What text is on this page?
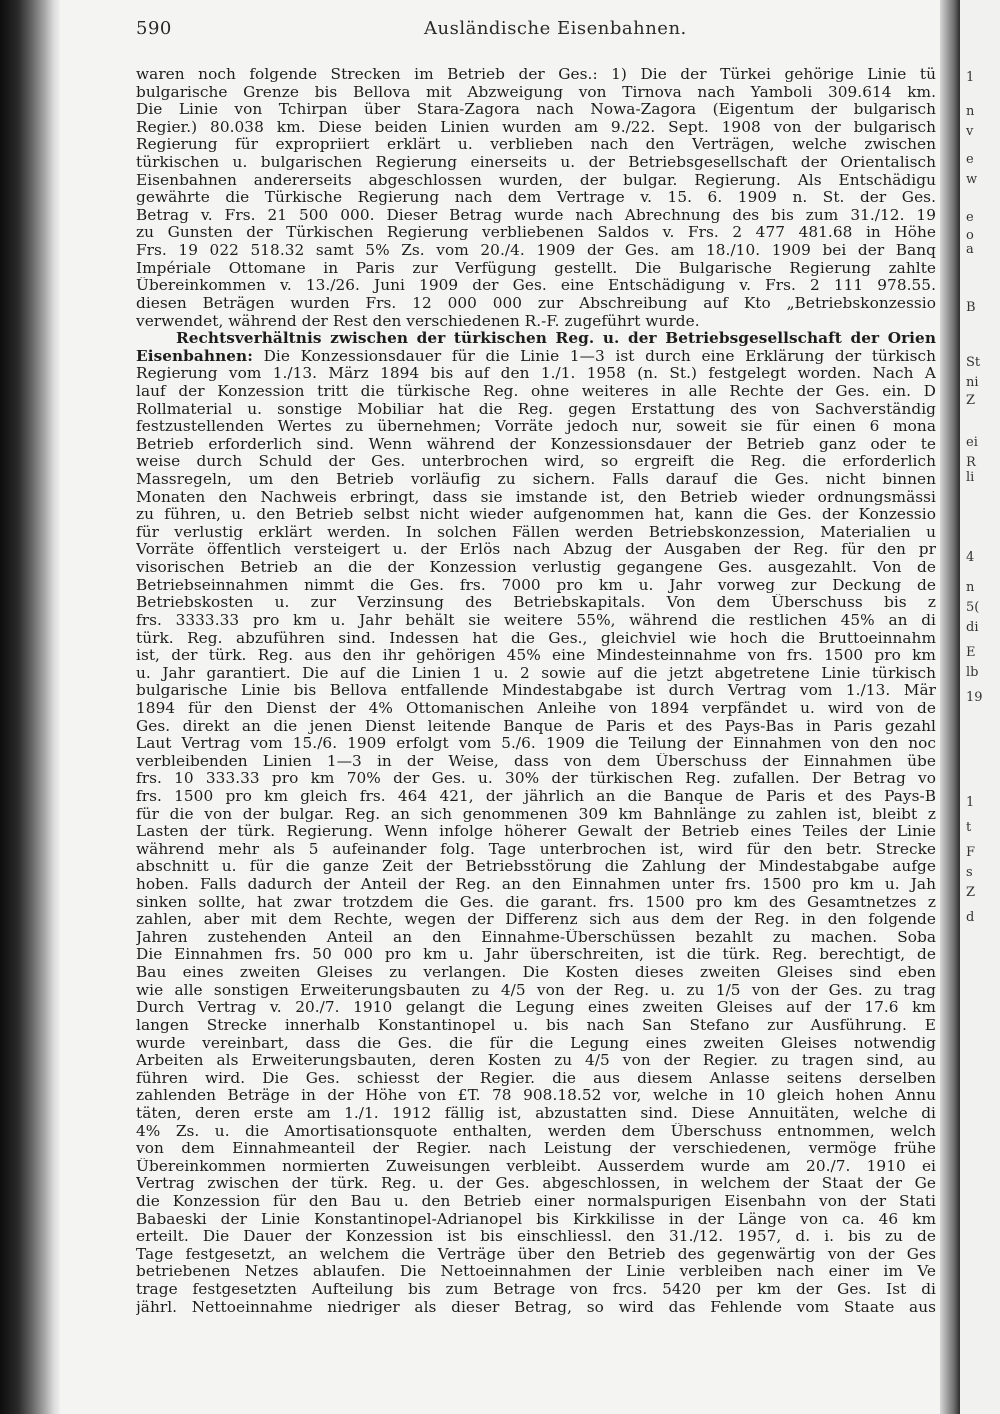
1
n
v
e
w
e
o
a
B
St
ni
Z
ei
R
li
4
n
5(
di
E
lb
19
1
t
F
s
Z
d
590	Ausländische Eisenbahnen.
waren noch folgende Strecken im Betrieb der Ges.: 1) Die der Türkei gehörige Linie tü
bulgarische Grenze bis Bellova mit Abzweigung von Tirnova nach Yamboli 309.614 km.
Die Linie von Tchirpan über Stara-Zagora nach Nowa-Zagora (Eigentum der bulgarisch
Regier.) 80.038 km. Diese beiden Linien wurden am 9./22. Sept. 1908 von der bulgarisch
Regierung für expropriiert erklärt u. verblieben nach den Verträgen, welche zwischen
türkischen u. bulgarischen Regierung einerseits u. der Betriebsgesellschaft der Orientalisch
Eisenbahnen andererseits abgeschlossen wurden, der bulgar. Regierung. Als Entschädigu
gewährte die Türkische Regierung nach dem Vertrage v. 15. 6. 1909 n. St. der Ges.
Betrag v. Frs. 21 500 000. Dieser Betrag wurde nach Abrechnung des bis zum 31./12. 19
zu Gunsten der Türkischen Regierung verbliebenen Saldos v. Frs. 2 477 481.68 in Höhe
Frs. 19 022 518.32 samt 5% Zs. vom 20./4. 1909 der Ges. am 18./10. 1909 bei der Banq
Impériale Ottomane in Paris zur Verfügung gestellt. Die Bulgarische Regierung zahlte
Übereinkommen v. 13./26. Juni 1909 der Ges. eine Entschädigung v. Frs. 2 111 978.55.
diesen Beträgen wurden Frs. 12 000 000 zur Abschreibung auf Kto „Betriebskonzessio
verwendet, während der Rest den verschiedenen R.-F. zugeführt wurde.
Rechtsverhältnis zwischen der türkischen Reg. u. der Betriebsgesellschaft der Orien
Eisenbahnen: Die Konzessionsdauer für die Linie 1—3 ist durch eine Erklärung der türkisch
Regierung vom 1./13. März 1894 bis auf den 1./1. 1958 (n. St.) festgelegt worden. Nach A
lauf der Konzession tritt die türkische Reg. ohne weiteres in alle Rechte der Ges. ein. D
Rollmaterial u. sonstige Mobiliar hat die Reg. gegen Erstattung des von Sachverständig
festzustellenden Wertes zu übernehmen; Vorräte jedoch nur, soweit sie für einen 6 mona
Betrieb erforderlich sind. Wenn während der Konzessionsdauer der Betrieb ganz oder te
weise durch Schuld der Ges. unterbrochen wird, so ergreift die Reg. die erforderlich
Massregeln, um den Betrieb vorläufig zu sichern. Falls darauf die Ges. nicht binnen
Monaten den Nachweis erbringt, dass sie imstande ist, den Betrieb wieder ordnungsmässi
zu führen, u. den Betrieb selbst nicht wieder aufgenommen hat, kann die Ges. der Konzessio
für verlustig erklärt werden. In solchen Fällen werden Betriebskonzession, Materialien u
Vorräte öffentlich versteigert u. der Erlös nach Abzug der Ausgaben der Reg. für den pr
visorischen Betrieb an die der Konzession verlustig gegangene Ges. ausgezahlt. Von de
Betriebseinnahmen nimmt die Ges. frs. 7000 pro km u. Jahr vorweg zur Deckung de
Betriebskosten u. zur Verzinsung des Betriebskapitals. Von dem Überschuss bis z
frs. 3333.33 pro km u. Jahr behält sie weitere 55%, während die restlichen 45% an di
türk. Reg. abzuführen sind. Indessen hat die Ges., gleichviel wie hoch die Bruttoeinnahm
ist, der türk. Reg. aus den ihr gehörigen 45% eine Mindesteinnahme von frs. 1500 pro km
u. Jahr garantiert. Die auf die Linien 1 u. 2 sowie auf die jetzt abgetretene Linie türkisch
bulgarische Linie bis Bellova entfallende Mindestabgabe ist durch Vertrag vom 1./13. Mär
1894 für den Dienst der 4% Ottomanischen Anleihe von 1894 verpfändet u. wird von de
Ges. direkt an die jenen Dienst leitende Banque de Paris et des Pays-Bas in Paris gezahl
Laut Vertrag vom 15./6. 1909 erfolgt vom 5./6. 1909 die Teilung der Einnahmen von den noc
verbleibenden Linien 1—3 in der Weise, dass von dem Überschuss der Einnahmen übe
frs. 10 333.33 pro km 70% der Ges. u. 30% der türkischen Reg. zufallen. Der Betrag vo
frs. 1500 pro km gleich frs. 464 421, der jährlich an die Banque de Paris et des Pays-B
für die von der bulgar. Reg. an sich genommenen 309 km Bahnlänge zu zahlen ist, bleibt z
Lasten der türk. Regierung. Wenn infolge höherer Gewalt der Betrieb eines Teiles der Linie
während mehr als 5 aufeinander folg. Tage unterbrochen ist, wird für den betr. Strecke
abschnitt u. für die ganze Zeit der Betriebsstörung die Zahlung der Mindestabgabe aufge
hoben. Falls dadurch der Anteil der Reg. an den Einnahmen unter frs. 1500 pro km u. Jah
sinken sollte, hat zwar trotzdem die Ges. die garant. frs. 1500 pro km des Gesamtnetzes z
zahlen, aber mit dem Rechte, wegen der Differenz sich aus dem der Reg. in den folgende
Jahren zustehenden Anteil an den Einnahme-Überschüssen bezahlt zu machen. Soba
Die Einnahmen frs. 50 000 pro km u. Jahr überschreiten, ist die türk. Reg. berechtigt, de
Bau eines zweiten Gleises zu verlangen. Die Kosten dieses zweiten Gleises sind eben
wie alle sonstigen Erweiterungsbauten zu 4/5 von der Reg. u. zu 1/5 von der Ges. zu trag
Durch Vertrag v. 20./7. 1910 gelangt die Legung eines zweiten Gleises auf der 17.6 km
langen Strecke innerhalb Konstantinopel u. bis nach San Stefano zur Ausführung. E
wurde vereinbart, dass die Ges. die für die Legung eines zweiten Gleises notwendig
Arbeiten als Erweiterungsbauten, deren Kosten zu 4/5 von der Regier. zu tragen sind, au
führen wird. Die Ges. schiesst der Regier. die aus diesem Anlasse seitens derselben
zahlenden Beträge in der Höhe von £T. 78 908.18.52 vor, welche in 10 gleich hohen Annu
täten, deren erste am 1./1. 1912 fällig ist, abzustatten sind. Diese Annuitäten, welche di
4% Zs. u. die Amortisationsquote enthalten, werden dem Überschuss entnommen, welch
von dem Einnahmeanteil der Regier. nach Leistung der verschiedenen, vermöge frühe
Übereinkommen normierten Zuweisungen verbleibt. Ausserdem wurde am 20./7. 1910 ei
Vertrag zwischen der türk. Reg. u. der Ges. abgeschlossen, in welchem der Staat der Ge
die Konzession für den Bau u. den Betrieb einer normalspurigen Eisenbahn von der Stati
Babaeski der Linie Konstantinopel-Adrianopel bis Kirkkilisse in der Länge von ca. 46 km
erteilt. Die Dauer der Konzession ist bis einschliessl. den 31./12. 1957, d. i. bis zu de
Tage festgesetzt, an welchem die Verträge über den Betrieb des gegenwärtig von der Ges
betriebenen Netzes ablaufen. Die Nettoeinnahmen der Linie verbleiben nach einer im Ve
trage festgesetzten Aufteilung bis zum Betrage von frcs. 5420 per km der Ges. Ist di
jährl. Nettoeinnahme niedriger als dieser Betrag, so wird das Fehlende vom Staate aus
